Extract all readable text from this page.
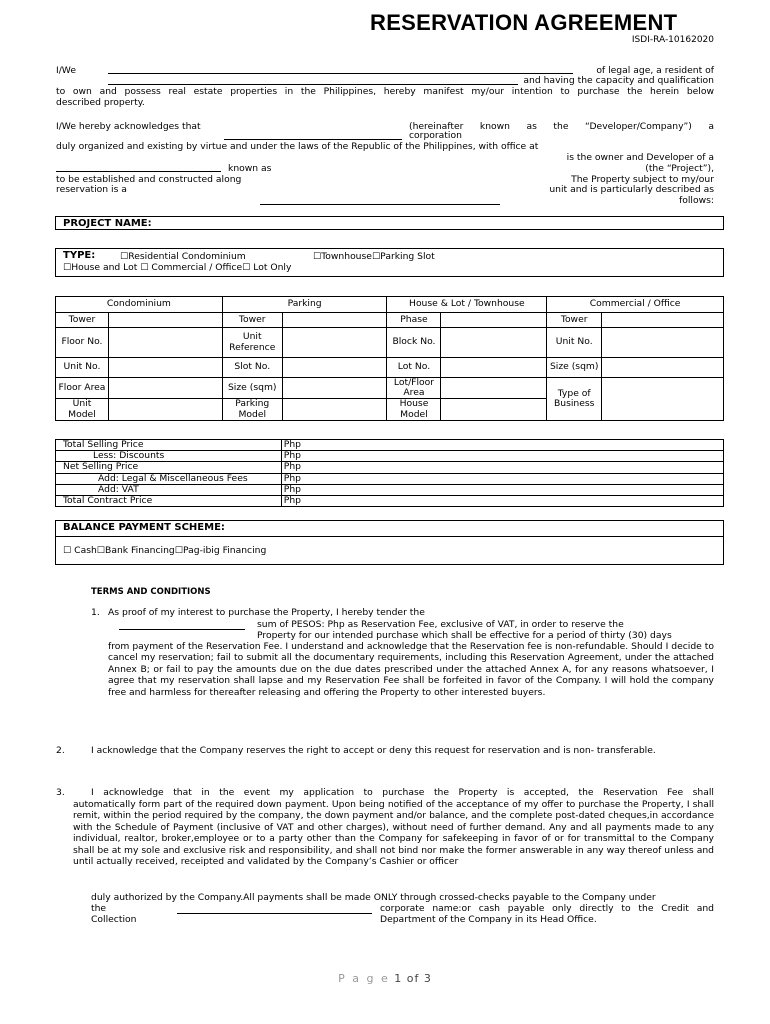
RESERVATION AGREEMENT
ISDI-RA-10162020
I/We	of legal age, a resident of
and having the capacity and qualification
to own and possess real estate properties in the Philippines, hereby manifest my/our intention to purchase the herein below
described property.
I/We hereby acknowledges that	(hereinafter known as the “Developer/Company”) a
corporation
duly organized and existing by virtue and under the laws of the Republic of the Philippines, with office at
is the owner and Developer of a
known as	(the “Project”),
to be established and constructed along	The Property subject to my/our
reservation is a	unit and is particularly described as
follows:
PROJECT NAME:
TYPE:	☐Residential Condominium	☐Townhouse☐Parking Slot
☐House and Lot ☐ Commercial / Office☐ Lot Only
Condominium		Parking		House & Lot / Townhouse		Commercial / Office	
Tower		Tower		Phase		Tower	
Floor No.		Unit Reference		Block No.		Unit No.	
Unit No.		Slot No.		Lot No.		Size (sqm)	
Floor Area		Size (sqm)		Lot/Floor Area		Type of Business	
Unit Model		Parking Model		House Model			
Total Selling Price	Php
Less: Discounts	Php
Net Selling Price	Php
Add: Legal & Miscellaneous Fees	Php
Add: VAT	Php
Total Contract Price	Php
BALANCE PAYMENT SCHEME:
☐ Cash☐Bank Financing☐Pag-ibig Financing
TERMS AND CONDITIONS
1. As proof of my interest to purchase the Property, I hereby tender the
sum of PESOS: Php as Reservation Fee, exclusive of VAT, in order to reserve the
Property for our intended purchase which shall be effective for a period of thirty (30) days
from payment of the Reservation Fee. I understand and acknowledge that the Reservation fee is non-refundable. Should I decide to cancel my reservation; fail to submit all the documentary requirements, including this Reservation Agreement, under the attached Annex B; or fail to pay the amounts due on the due dates prescribed under the attached Annex A, for any reasons whatsoever, I agree that my reservation shall lapse and my Reservation Fee shall be forfeited in favor of the Company. I will hold the company free and harmless for thereafter releasing and offering the Property to other interested buyers.
2.	I acknowledge that the Company reserves the right to accept or deny this request for reservation and is non- transferable.
3.	I acknowledge that in the event my application to purchase the Property is accepted, the Reservation Fee shall
automatically form part of the required down payment. Upon being notified of the acceptance of my offer to purchase the Property, I shall remit, within the period required by the company, the down payment and/or balance, and the complete post-dated cheques,in accordance with the Schedule of Payment (inclusive of VAT and other charges), without need of further demand. Any and all payments made to any individual, realtor, broker,employee or to a party other than the Company for safekeeping in favor of or for transmittal to the Company shall be at my sole and exclusive risk and responsibility, and shall not bind nor make the former answerable in any way thereof unless and until actually received, receipted and validated by the Company’s Cashier or officer
duly authorized by the Company.All payments shall be made ONLY through crossed-checks payable to the Company under
the	corporate name:or cash payable only directly to the Credit and
Collection	Department of the Company in its Head Office.
P a g e 1 of 3
